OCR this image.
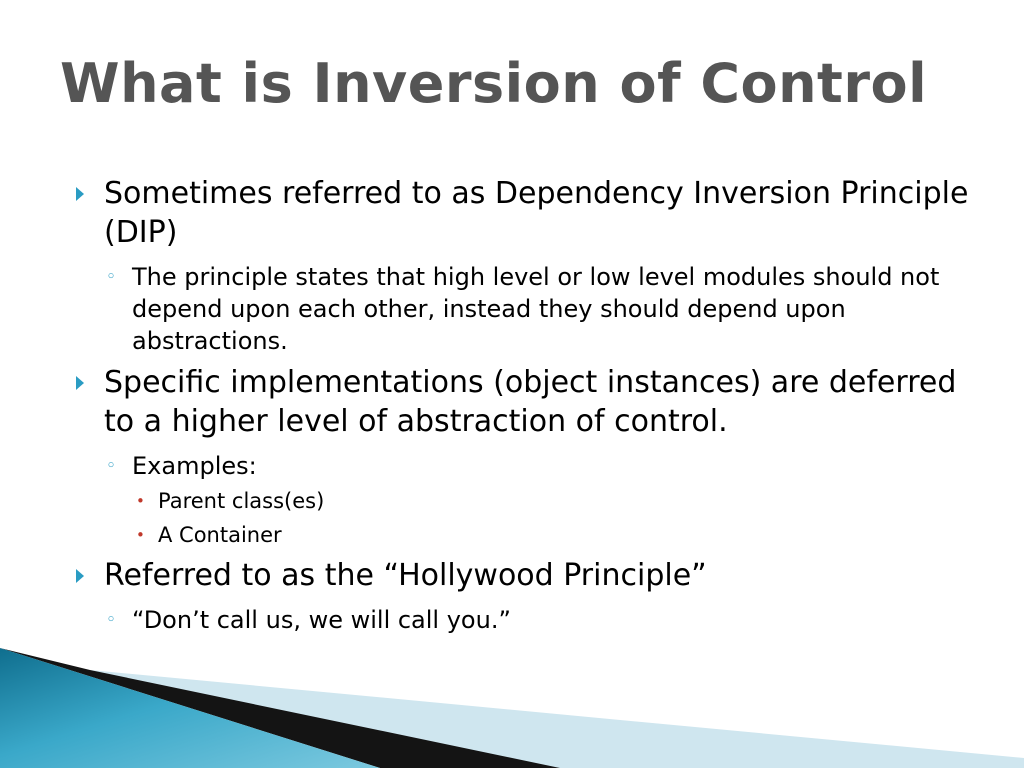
What is Inversion of Control
Sometimes referred to as Dependency Inversion Principle (DIP)
◦ The principle states that high level or low level modules should not depend upon each other, instead they should depend upon abstractions.
Specific implementations (object instances) are deferred to a higher level of abstraction of control.
◦ Examples:
• Parent class(es)
• A Container
Referred to as the “Hollywood Principle”
◦ “Don’t call us, we will call you.”
